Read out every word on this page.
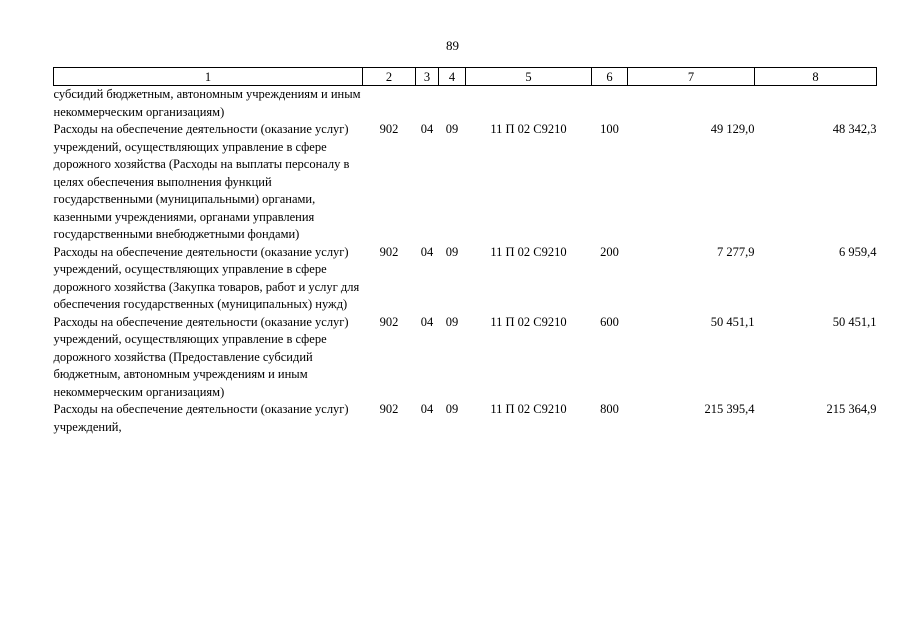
89
1	2	3	4	5	6	7	8
субсидий бюджетным, автономным учреждениям и иным некоммерческим организациям)							
Расходы на обеспечение деятельности (оказание услуг) учреждений, осуществляющих управление в сфере дорожного хозяйства (Расходы на выплаты персоналу в целях обеспечения выполнения функций государственными (муниципальными) органами, казенными учреждениями, органами управления государственными внебюджетными фондами)	902	04	09	11 П 02 С9210	100	49 129,0	48 342,3
Расходы на обеспечение деятельности (оказание услуг) учреждений, осуществляющих управление в сфере дорожного хозяйства (Закупка товаров, работ и услуг для обеспечения государственных (муниципальных) нужд)	902	04	09	11 П 02 С9210	200	7 277,9	6 959,4
Расходы на обеспечение деятельности (оказание услуг) учреждений, осуществляющих управление в сфере дорожного хозяйства (Предоставление субсидий бюджетным, автономным учреждениям и иным некоммерческим организациям)	902	04	09	11 П 02 С9210	600	50 451,1	50 451,1
Расходы на обеспечение деятельности (оказание услуг) учреждений,	902	04	09	11 П 02 С9210	800	215 395,4	215 364,9
